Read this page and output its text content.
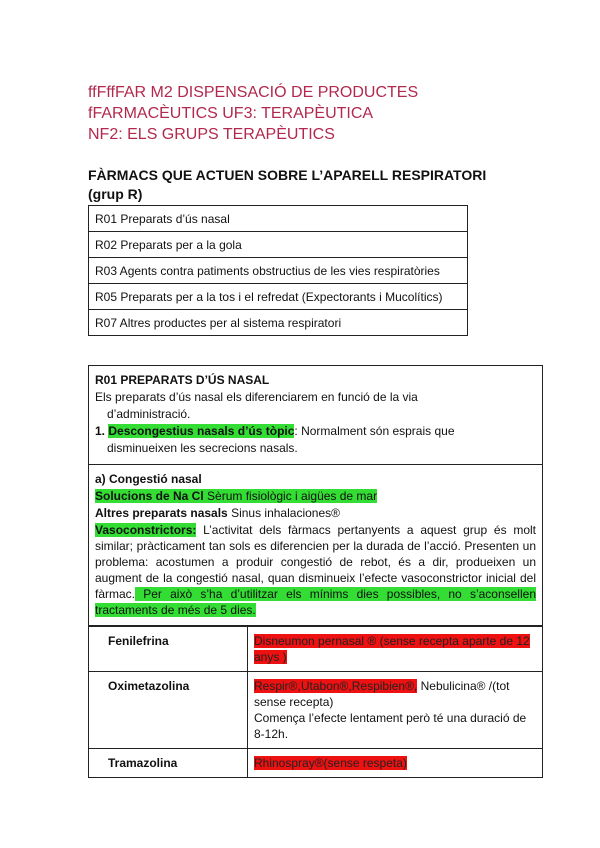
ffFffFAR M2 DISPENSACIÓ DE PRODUCTES
fFARMACÈUTICS UF3: TERAPÈUTICA
NF2: ELS GRUPS TERAPÈUTICS
FÀRMACS QUE ACTUEN SOBRE L’APARELL RESPIRATORI
(grup R)
R01 Preparats d’ús nasal
R02 Preparats per a la gola
R03 Agents contra patiments obstructius de les vies respiratòries
R05 Preparats per a la tos i el refredat (Expectorants i Mucolítics)
R07 Altres productes per al sistema respiratori
R01 PREPARATS D’ÚS NASAL
Els preparats d’ús nasal els diferenciarem en funció de la via
d’administració.
1. Descongestius nasals d’ús tòpic: Normalment són esprais que
disminueixen les secrecions nasals.
a) Congestió nasal
Solucions de Na Cl Sèrum fisiològic i aigües de mar
Altres preparats nasals Sinus inhalaciones®
Vasoconstrictors: L’activitat dels fàrmacs pertanyents a aquest grup és molt similar; pràcticament tan sols es diferencien per la durada de l’acció. Presenten un problema: acostumen a produir congestió de rebot, és a dir, produeixen un augment de la congestió nasal, quan disminueix l’efecte vasoconstrictor inicial del fàrmac. Per això s’ha d’utilitzar els mínims dies possibles, no s’aconsellen tractaments de més de 5 dies.
Fenilefrina	Disneumon pernasal ® (sense recepta aparte de 12 anys )
Oximetazolina	Respir®,Utabon®,Respibien®, Nebulicina® /(tot sense recepta)
Comença l’efecte lentament però té una duració de 8-12h.

Tramazolina	Rhinospray®(sense respeta)
